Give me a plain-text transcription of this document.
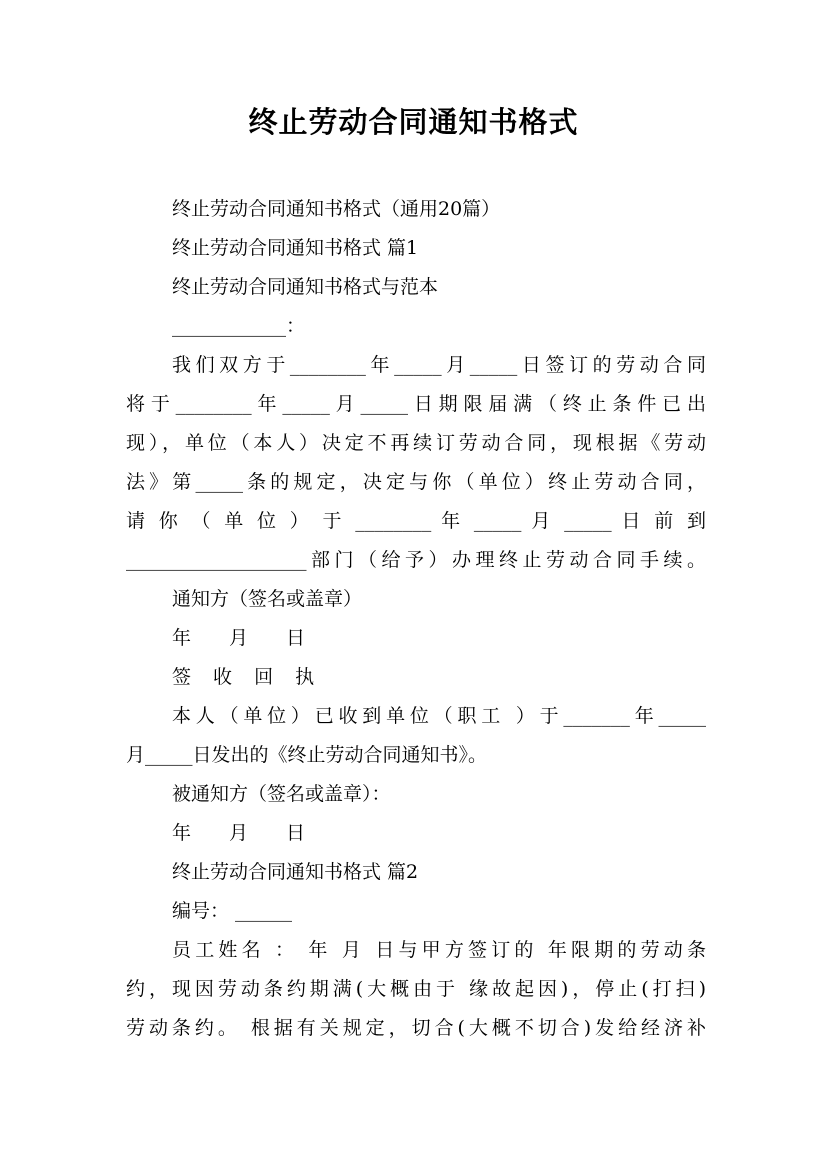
终止劳动合同通知书格式
终止劳动合同通知书格式（通用20篇）
终止劳动合同通知书格式 篇1
终止劳动合同通知书格式与范本
____________：
我们双方于________年_____月_____日签订的劳动合同
将于________年_____月_____日期限届满（终止条件已出
现），单位（本人）决定不再续订劳动合同，现根据《劳动
法》第_____条的规定，决定与你（单位）终止劳动合同，
请 你 （ 单 位 ） 于 ________ 年 _____ 月 _____ 日 前 到
___________________部门（给予）办理终止劳动合同手续。
通知方（签名或盖章）
年　　月　　日
签 收 回 执
本人（单位）已收到单位（职工 ）于_______年_____
月_____日发出的《终止劳动合同通知书》。
被通知方（签名或盖章）：
年　　月　　日
终止劳动合同通知书格式 篇2
编号： ______
员工姓名 ： 年 月 日与甲方签订的 年限期的劳动条
约，现因劳动条约期满(大概由于 缘故起因)，停止(打扫)
劳动条约。 根据有关规定，切合(大概不切合)发给经济补
